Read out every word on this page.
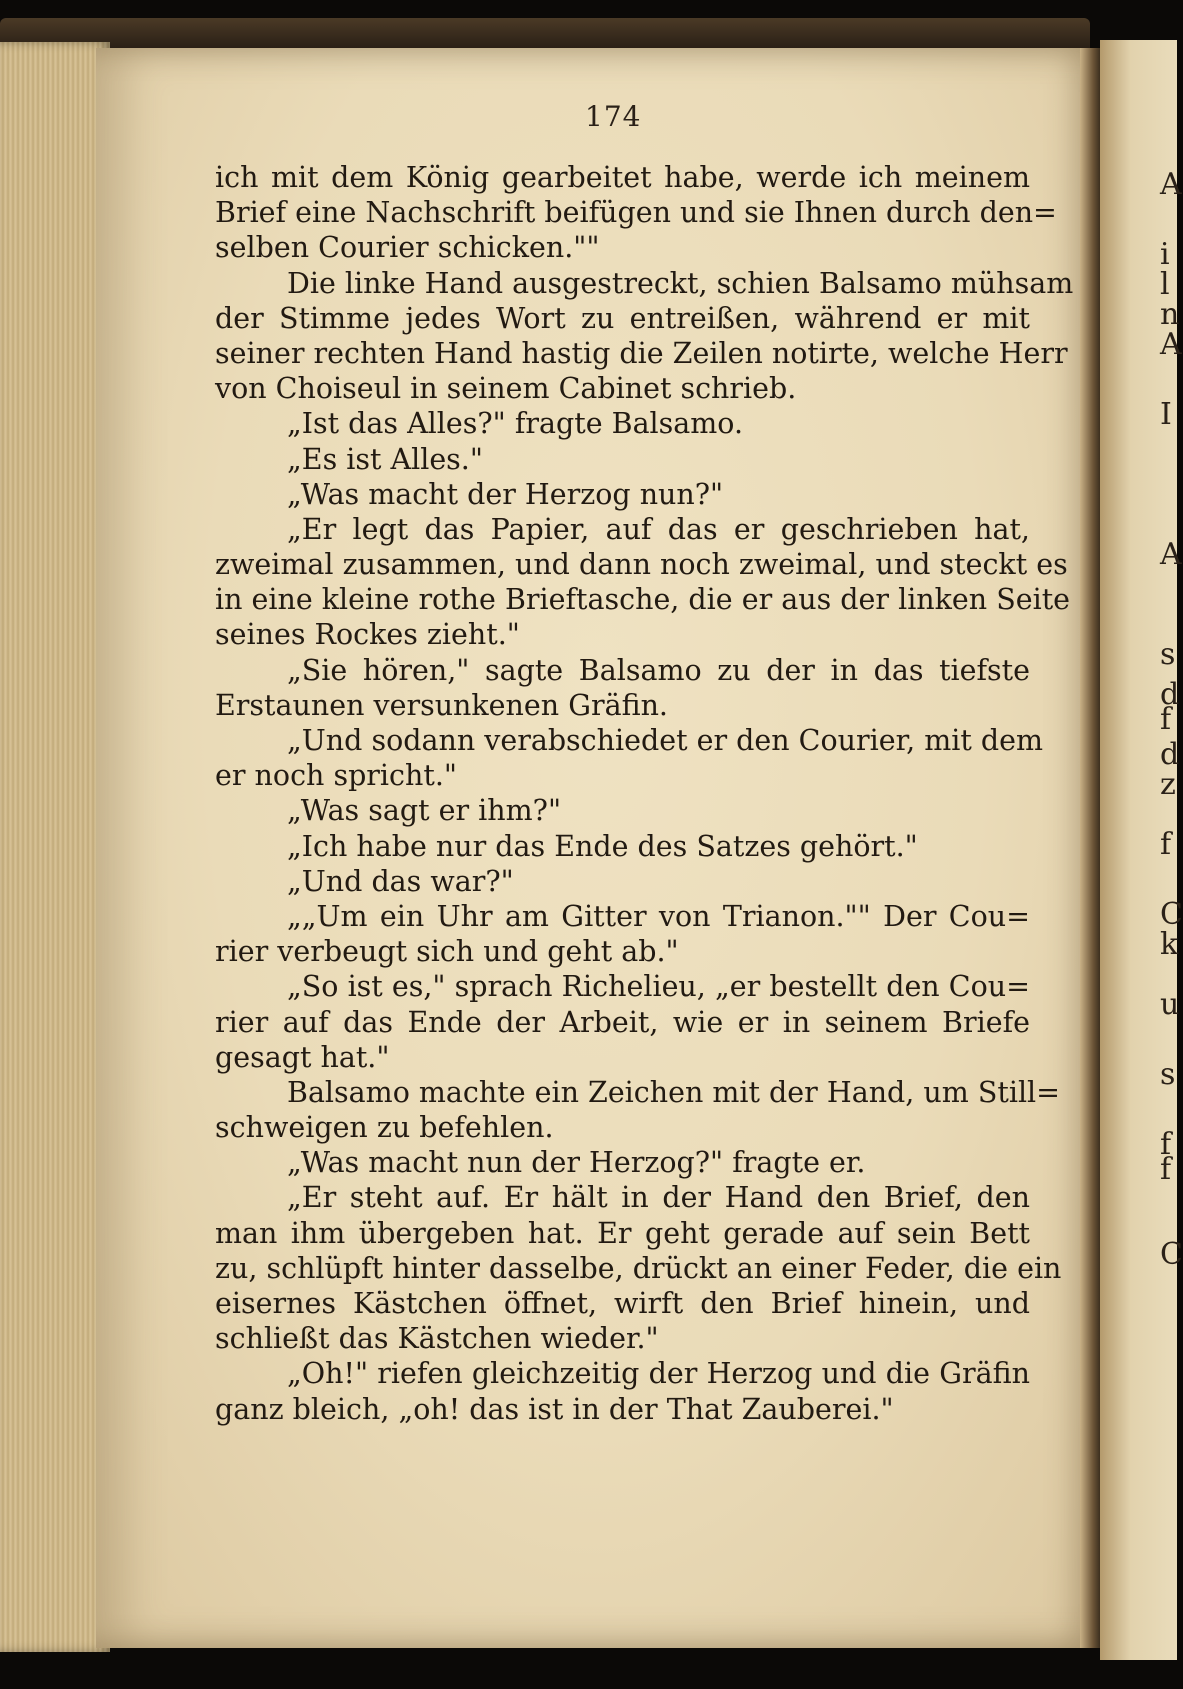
174
ich mit dem König gearbeitet habe, werde ich meinem
Brief eine Nachschrift beifügen und sie Ihnen durch den=
selben Courier schicken.""
Die linke Hand ausgestreckt, schien Balsamo mühsam
der Stimme jedes Wort zu entreißen, während er mit
seiner rechten Hand hastig die Zeilen notirte, welche Herr
von Choiseul in seinem Cabinet schrieb.
„Ist das Alles?" fragte Balsamo.
„Es ist Alles."
„Was macht der Herzog nun?"
„Er legt das Papier, auf das er geschrieben hat,
zweimal zusammen, und dann noch zweimal, und steckt es
in eine kleine rothe Brieftasche, die er aus der linken Seite
seines Rockes zieht."
„Sie hören," sagte Balsamo zu der in das tiefste
Erstaunen versunkenen Gräfin.
„Und sodann verabschiedet er den Courier, mit dem
er noch spricht."
„Was sagt er ihm?"
„Ich habe nur das Ende des Satzes gehört."
„Und das war?"
„„Um ein Uhr am Gitter von Trianon."" Der Cou=
rier verbeugt sich und geht ab."
„So ist es," sprach Richelieu, „er bestellt den Cou=
rier auf das Ende der Arbeit, wie er in seinem Briefe
gesagt hat."
Balsamo machte ein Zeichen mit der Hand, um Still=
schweigen zu befehlen.
„Was macht nun der Herzog?" fragte er.
„Er steht auf. Er hält in der Hand den Brief, den
man ihm übergeben hat. Er geht gerade auf sein Bett
zu, schlüpft hinter dasselbe, drückt an einer Feder, die ein
eisernes Kästchen öffnet, wirft den Brief hinein, und
schließt das Kästchen wieder."
„Oh!" riefen gleichzeitig der Herzog und die Gräfin
ganz bleich, „oh! das ist in der That Zauberei."
A
i
l
n
A
I
A
s
d
f
d
z
f
C
k
u
s
f
f
C
